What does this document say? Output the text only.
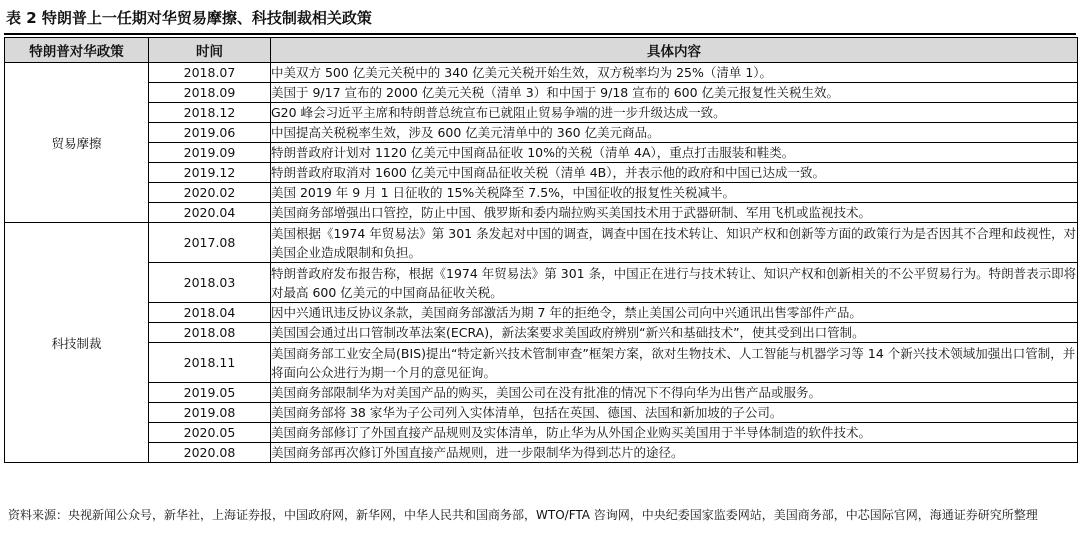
表 2 特朗普上一任期对华贸易摩擦、科技制裁相关政策
特朗普对华政策	时间	具体内容
贸易摩擦	2018.07	中美双方 500 亿美元关税中的 340 亿美元关税开始生效，双方税率均为 25%（清单 1）。
	2018.09	美国于 9/17 宣布的 2000 亿美元关税（清单 3）和中国于 9/18 宣布的 600 亿美元报复性关税生效。
	2018.12	G20 峰会习近平主席和特朗普总统宣布已就阻止贸易争端的进一步升级达成一致。
	2019.06	中国提高关税税率生效，涉及 600 亿美元清单中的 360 亿美元商品。
	2019.09	特朗普政府计划对 1120 亿美元中国商品征收 10%的关税（清单 4A），重点打击服装和鞋类。
	2019.12	特朗普政府取消对 1600 亿美元中国商品征收关税（清单 4B），并表示他的政府和中国已达成一致。
	2020.02	美国 2019 年 9 月 1 日征收的 15%关税降至 7.5%，中国征收的报复性关税减半。
	2020.04	美国商务部增强出口管控，防止中国、俄罗斯和委内瑞拉购买美国技术用于武器研制、军用飞机或监视技术。
科技制裁	2017.08	美国根据《1974 年贸易法》第 301 条发起对中国的调查，调查中国在技术转让、知识产权和创新等方面的政策行为是否因其不合理和歧视性，对美国企业造成限制和负担。
	2018.03	特朗普政府发布报告称，根据《1974 年贸易法》第 301 条，中国正在进行与技术转让、知识产权和创新相关的不公平贸易行为。特朗普表示即将对最高 600 亿美元的中国商品征收关税。
	2018.04	因中兴通讯违反协议条款，美国商务部激活为期 7 年的拒绝令，禁止美国公司向中兴通讯出售零部件产品。
	2018.08	美国国会通过出口管制改革法案(ECRA)，新法案要求美国政府辨别“新兴和基础技术”，使其受到出口管制。
	2018.11	美国商务部工业安全局(BIS)提出“特定新兴技术管制审查”框架方案，欲对生物技术、人工智能与机器学习等 14 个新兴技术领域加强出口管制，并将面向公众进行为期一个月的意见征询。
	2019.05	美国商务部限制华为对美国产品的购买，美国公司在没有批准的情况下不得向华为出售产品或服务。
	2019.08	美国商务部将 38 家华为子公司列入实体清单，包括在英国、德国、法国和新加坡的子公司。
	2020.05	美国商务部修订了外国直接产品规则及实体清单，防止华为从外国企业购买美国用于半导体制造的软件技术。
	2020.08	美国商务部再次修订外国直接产品规则，进一步限制华为得到芯片的途径。
资料来源：央视新闻公众号，新华社，上海证券报，中国政府网，新华网，中华人民共和国商务部，WTO/FTA 咨询网，中央纪委国家监委网站，美国商务部，中芯国际官网，海通证券研究所整理
